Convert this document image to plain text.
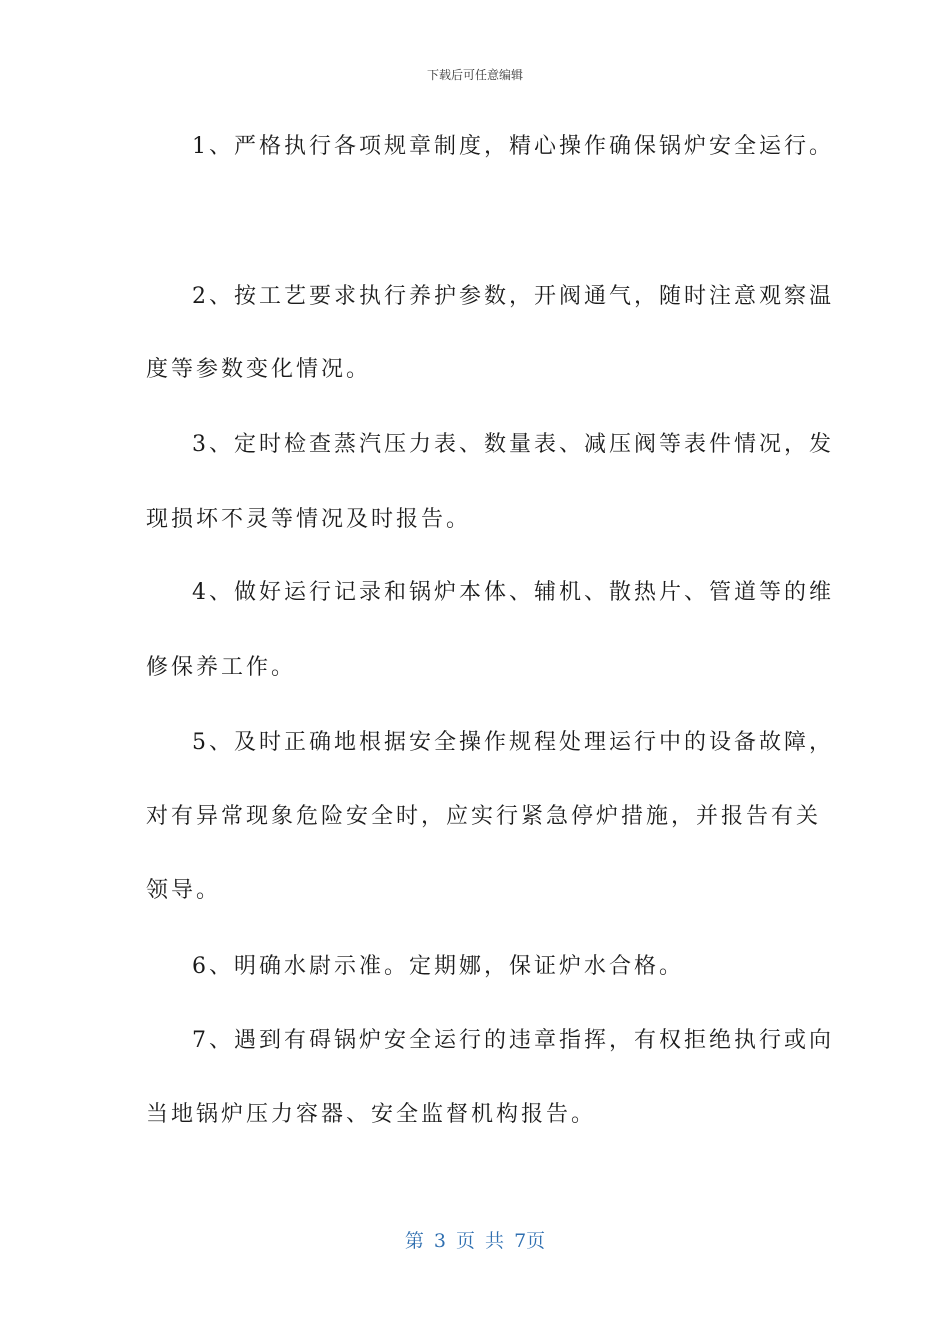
下载后可任意编辑
1、严格执行各项规章制度，精心操作确保锅炉安全运行。
2、按工艺要求执行养护参数，开阀通气，随时注意观察温
度等参数变化情况。
3、定时检查蒸汽压力表、数量表、减压阀等表件情况，发
现损坏不灵等情况及时报告。
4、做好运行记录和锅炉本体、辅机、散热片、管道等的维
修保养工作。
5、及时正确地根据安全操作规程处理运行中的设备故障，
对有异常现象危险安全时，应实行紧急停炉措施，并报告有关
领导。
6、明确水尉示准。定期娜，保证炉水合格。
7、遇到有碍锅炉安全运行的违章指挥，有权拒绝执行或向
当地锅炉压力容器、安全监督机构报告。
第 3 页 共 7页
